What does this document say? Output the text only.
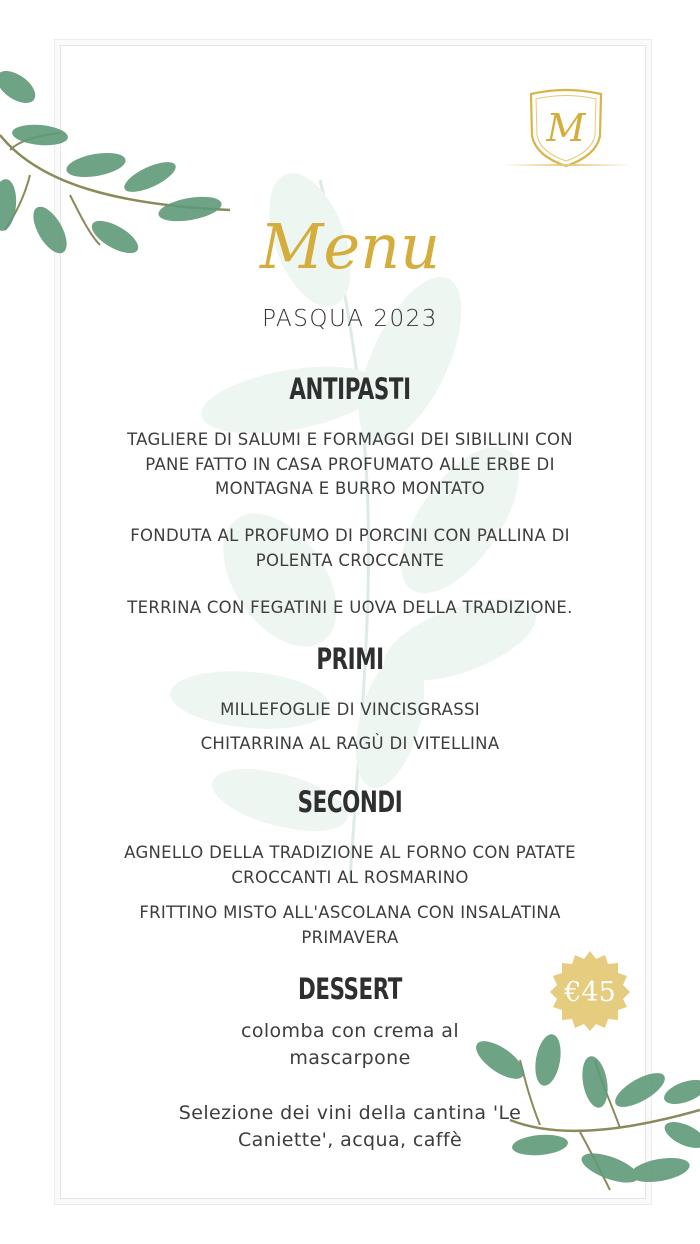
M
Menu
PASQUA 2023
ANTIPASTI
TAGLIERE DI SALUMI E FORMAGGI DEI SIBILLINI CON PANE FATTO IN CASA PROFUMATO ALLE ERBE DI MONTAGNA E BURRO MONTATO
FONDUTA AL PROFUMO DI PORCINI CON PALLINA DI POLENTA CROCCANTE
TERRINA CON FEGATINI E UOVA DELLA TRADIZIONE.
PRIMI
MILLEFOGLIE DI VINCISGRASSI
CHITARRINA AL RAGÙ DI VITELLINA
SECONDI
AGNELLO DELLA TRADIZIONE AL FORNO CON PATATE CROCCANTI AL ROSMARINO
FRITTINO MISTO ALL'ASCOLANA CON INSALATINA PRIMAVERA
DESSERT
colomba con crema al mascarpone
Selezione dei vini della cantina 'Le Caniette', acqua, caffè
€45
